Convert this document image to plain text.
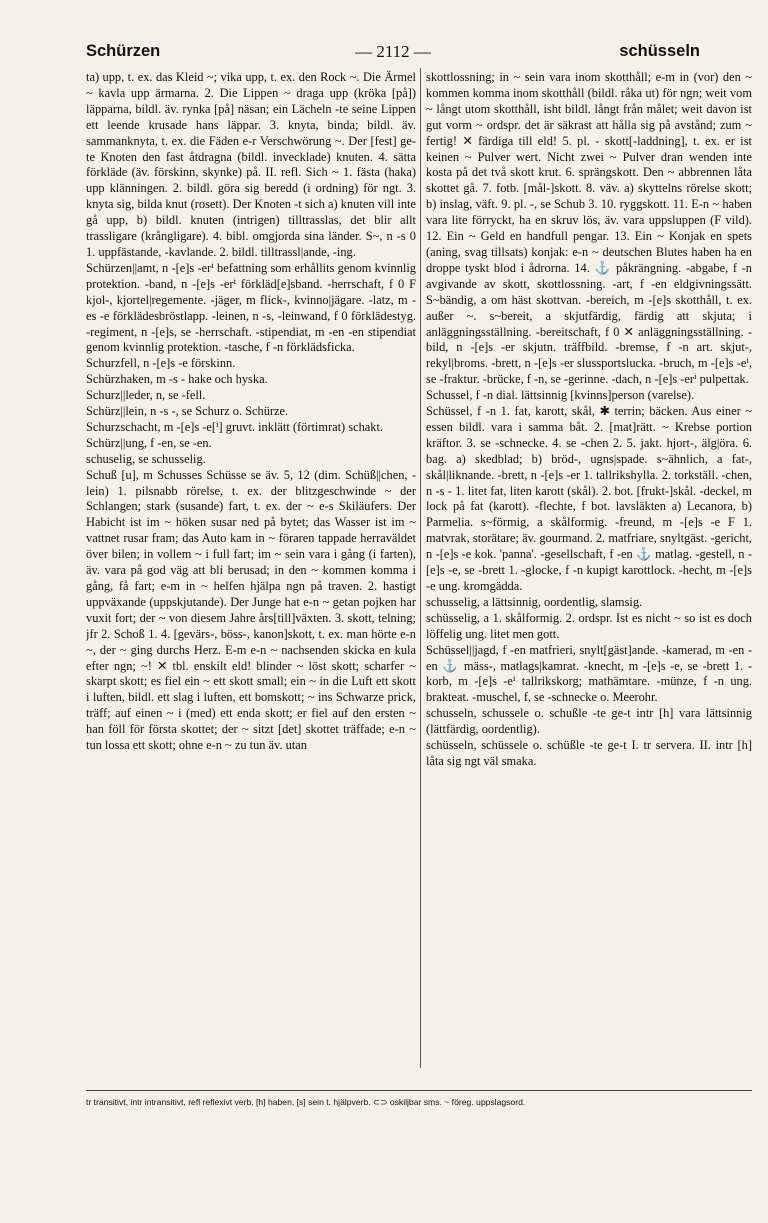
Schürzen	— 2112 —	schüsseln

ta) upp, t. ex. das Kleid ~; vika upp, t. ex. den Rock ~. Die Ärmel ~ kavla upp ärmarna. 2. Die Lippen ~ draga upp (kröka [på]) läpparna, bildl. äv. rynka [på] näsan; ein Lächeln -te seine Lippen ett leende krusade hans läppar. 3. knyta, binda; bildl. äv. sammanknyta, t. ex. die Fäden e-r Verschwörung ~. Der [fest] ge-te Knoten den fast åtdragna (bildl. invecklade) knuten. 4. sätta förkläde (äv. förskinn, skynke) på. II. refl. Sich ~ 1. fästa (haka) upp klänningen. 2. bildl. göra sig beredd (i ordning) för ngt. 3. knyta sig, bilda knut (rosett). Der Knoten -t sich a) knuten vill inte gå upp, b) bildl. knuten (intrigen) tilltrasslas, det blir allt trassligare (krångligare). 4. bibl. omgjorda sina länder. S~, n -s 0 1. uppfästande, -kavlande. 2. bildl. tilltrassl|ande, -ing.

Schürzen||amt, n -[e]s -erⁱ befattning som erhållits genom kvinnlig protektion. -band, n -[e]s -erⁱ förkläd[e]sband. -herrschaft, f 0 F kjol-, kjortel|regemente. -jäger, m flick-, kvinno|jägare. -latz, m -es -e förklädesbröstlapp. -leinen, n -s, -leinwand, f 0 förklädestyg. -regiment, n -[e]s, se -herrschaft. -stipendiat, m -en -en stipendiat genom kvinnlig protektion. -tasche, f -n förklädsficka.

Schurzfell, n -[e]s -e förskinn.

Schürzhaken, m -s - hake och hyska.

Schurz||leder, n, se -fell.

Schürz||lein, n -s -, se Schurz o. Schürze.

Schurzschacht, m -[e]s -e[ⁱ] gruvt. inklätt (förtimrat) schakt.

Schürz||ung, f -en, se -en.

schuselig, se schusselig.

Schuß [u], m Schusses Schüsse se äv. 5, 12 (dim. Schüß||chen, -lein) 1. pilsnabb rörelse, t. ex. der blitzgeschwinde ~ der Schlangen; stark (susande) fart, t. ex. der ~ e-s Skiläufers. Der Habicht ist im ~ höken susar ned på bytet; das Wasser ist im ~ vattnet rusar fram; das Auto kam in ~ föraren tappade herraväldet över bilen; in vollem ~ i full fart; im ~ sein vara i gång (i farten), äv. vara på god väg att bli berusad; in den ~ kommen komma i gång, få fart; e-m in ~ helfen hjälpa ngn på traven. 2. hastigt uppväxande (uppskjutande). Der Junge hat e-n ~ getan pojken har vuxit fort; der ~ von diesem Jahre års[till]växten. 3. skott, telning; jfr 2. Schoß 1. 4. [gevärs-, böss-, kanon]skott, t. ex. man hörte e-n ~, der ~ ging durchs Herz. E-m e-n ~ nachsenden skicka en kula efter ngn; ~! ✕ tbl. enskilt eld! blinder ~ löst skott; scharfer ~ skarpt skott; es fiel ein ~ ett skott small; ein ~ in die Luft ett skott i luften, bildl. ett slag i luften, ett bomskott; ~ ins Schwarze prick, träff; auf einen ~ i (med) ett enda skott; er fiel auf den ersten ~ han föll för första skottet; der ~ sitzt [det] skottet träffade; e-n ~ tun lossa ett skott; ohne e-n ~ zu tun äv. utan

skottlossning; in ~ sein vara inom skotthåll; e-m in (vor) den ~ kommen komma inom skotthåll (bildl. råka ut) för ngn; weit vom ~ långt utom skotthåll, isht bildl. långt från målet; weit davon ist gut vorm ~ ordspr. det är säkrast att hålla sig på avstånd; zum ~ fertig! ✕ färdiga till eld! 5. pl. - skott[-laddning], t. ex. er ist keinen ~ Pulver wert. Nicht zwei ~ Pulver dran wenden inte kosta på det två skott krut. 6. sprängskott. Den ~ abbrennen låta skottet gå. 7. fotb. [mål-]skott. 8. väv. a) skyttelns rörelse skott; b) inslag, väft. 9. pl. -, se Schub 3. 10. ryggskott. 11. E-n ~ haben vara lite förryckt, ha en skruv lös, äv. vara uppsluppen (F vild). 12. Ein ~ Geld en handfull pengar. 13. Ein ~ Konjak en spets (aning, svag tillsats) konjak: e-n ~ deutschen Blutes haben ha en droppe tyskt blod i ådrorna. 14. ⚓ påkrängning. -abgabe, f -n avgivande av skott, skottlossning. -art, f -en eldgivningssätt. S~bändig, a om häst skottvan. -bereich, m -[e]s skotthåll, t. ex. außer ~. s~bereit, a skjutfärdig, färdig att skjuta; i anläggningsställning. -bereitschaft, f 0 ✕ anläggningsställning. -bild, n -[e]s -er skjutn. träffbild. -bremse, f -n art. skjut-, rekyl|broms. -brett, n -[e]s -er slussportslucka. -bruch, m -[e]s -eⁱ, se -fraktur. -brücke, f -n, se -gerinne. -dach, n -[e]s -erⁱ pulpettak.

Schussel, f -n dial. lättsinnig [kvinns]person (varelse).

Schüssel, f -n 1. fat, karott, skål, ✱ terrin; bäcken. Aus einer ~ essen bildl. vara i samma båt. 2. [mat]rätt. ~ Krebse portion kräftor. 3. se -schnecke. 4. se -chen 2. 5. jakt. hjort-, älg|öra. 6. bag. a) skedblad; b) bröd-, ugns|spade. s~ähnlich, a fat-, skål|liknande. -brett, n -[e]s -er 1. tallrikshylla. 2. torkställ. -chen, n -s - 1. litet fat, liten karott (skål). 2. bot. [frukt-]skål. -deckel, m lock på fat (karott). -flechte, f bot. lavsläkten a) Lecanora, b) Parmelia. s~förmig, a skålformig. -freund, m -[e]s -e F 1. matvrak, storätare; äv. gourmand. 2. matfriare, snyltgäst. -gericht, n -[e]s -e kok. 'panna'. -gesellschaft, f -en ⚓ matlag. -gestell, n -[e]s -e, se -brett 1. -glocke, f -n kupigt karottlock. -hecht, m -[e]s -e ung. kromgädda.

schusselig, a lättsinnig, oordentlig, slamsig.

schüsselig, a 1. skålformig. 2. ordspr. Ist es nicht ~ so ist es doch löffelig ung. litet men gott.

Schüssel||jagd, f -en matfrieri, snylt[gäst]ande. -kamerad, m -en -en ⚓ mäss-, matlags|kamrat. -knecht, m -[e]s -e, se -brett 1. -korb, m -[e]s -eⁱ tallrikskorg; mathämtare. -münze, f -n ung. brakteat. -muschel, f, se -schnecke o. Meerohr.

schusseln, schussele o. schußle -te ge-t intr [h] vara lättsinnig (lättfärdig, oordentlig).

schüsseln, schüssele o. schüßle -te ge-t I. tr servera. II. intr [h] låta sig ngt väl smaka.

tr transitivt, intr intransitivt, refl reflexivt verb. [h] haben, [s] sein t. hjälpverb. ⊂⊃ oskiljbar sms. ~ föreg. uppslagsord.
